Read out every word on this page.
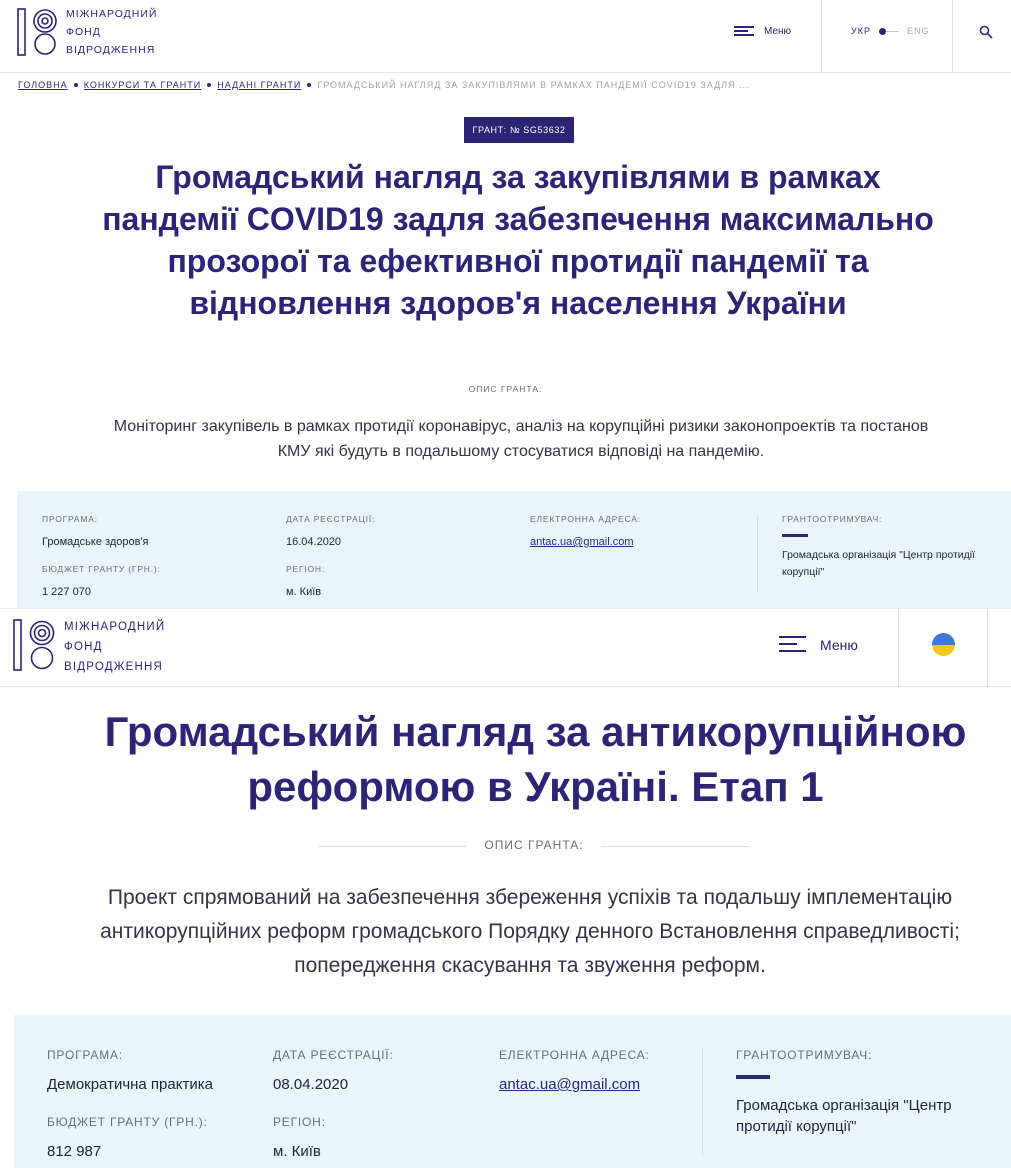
МІЖНАРОДНИЙ
ФОНД
ВІДРОДЖЕННЯ
Меню	УКР	ENG
ГОЛОВНА КОНКУРСИ ТА ГРАНТИ НАДАНІ ГРАНТИ ГРОМАДСЬКИЙ НАГЛЯД ЗА ЗАКУПІВЛЯМИ В РАМКАХ ПАНДЕМІЇ COVID19 ЗАДЛЯ ...
ГРАНТ: № SG53632
Громадський нагляд за закупівлями в рамках пандемії COVID19 задля забезпечення максимально прозорої та ефективної протидії пандемії та відновлення здоров'я населення України
ОПИС ГРАНТА:

Моніторинг закупівель в рамках протидії коронавірус, аналіз на корупційні ризики законопроектів та постанов КМУ які будуть в подальшому стосуватися відповіді на пандемію.

ПРОГРАМА:
Громадське здоров'я
ДАТА РЕЄСТРАЦІЇ:
16.04.2020
ЕЛЕКТРОННА АДРЕСА:
antac.ua@gmail.com
БЮДЖЕТ ГРАНТУ (ГРН.):
1 227 070
РЕГІОН:
м. Київ
ГРАНТООТРИМУВАЧ:
Громадська організація "Центр протидії корупції"
МІЖНАРОДНИЙ
ФОНД
ВІДРОДЖЕННЯ
Меню
Громадський нагляд за антикорупційною реформою в Україні. Етап 1
ОПИС ГРАНТА:

Проект спрямований на забезпечення збереження успіхів та подальшу імплементацію антикорупційних реформ громадського Порядку денного Встановлення справедливості; попередження скасування та звуження реформ.

ПРОГРАМА:
Демократична практика
ДАТА РЕЄСТРАЦІЇ:
08.04.2020
ЕЛЕКТРОННА АДРЕСА:
antac.ua@gmail.com
БЮДЖЕТ ГРАНТУ (ГРН.):
812 987
РЕГІОН:
м. Київ
ГРАНТООТРИМУВАЧ:
Громадська організація "Центр протидії корупції"
